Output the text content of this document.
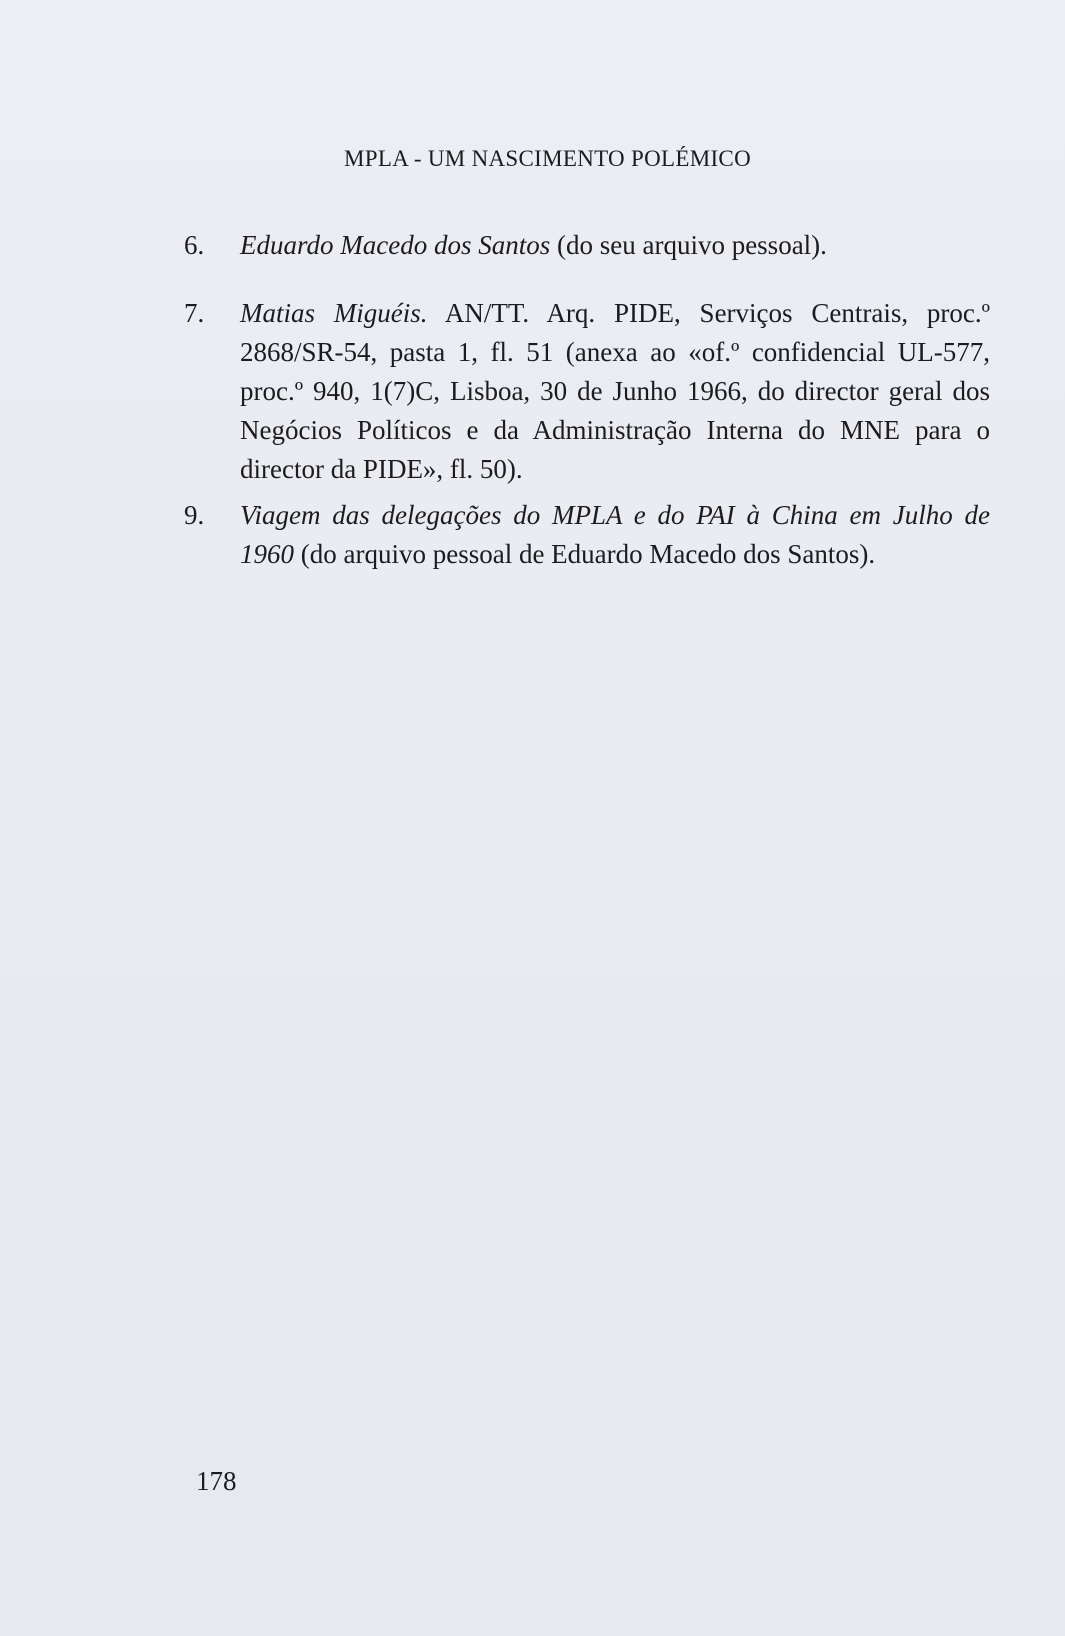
MPLA - UM NASCIMENTO POLÉMICO
6. Eduardo Macedo dos Santos (do seu arquivo pessoal).
7. Matias Miguéis. AN/TT. Arq. PIDE, Serviços Centrais, proc.º 2868/SR-54, pasta 1, fl. 51 (anexa ao «of.º confidencial UL-577, proc.º 940, 1(7)C, Lisboa, 30 de Junho 1966, do director geral dos Negócios Políticos e da Administração Interna do MNE para o director da PIDE», fl. 50).
9. Viagem das delegações do MPLA e do PAI à China em Julho de 1960 (do arquivo pessoal de Eduardo Macedo dos Santos).
178
